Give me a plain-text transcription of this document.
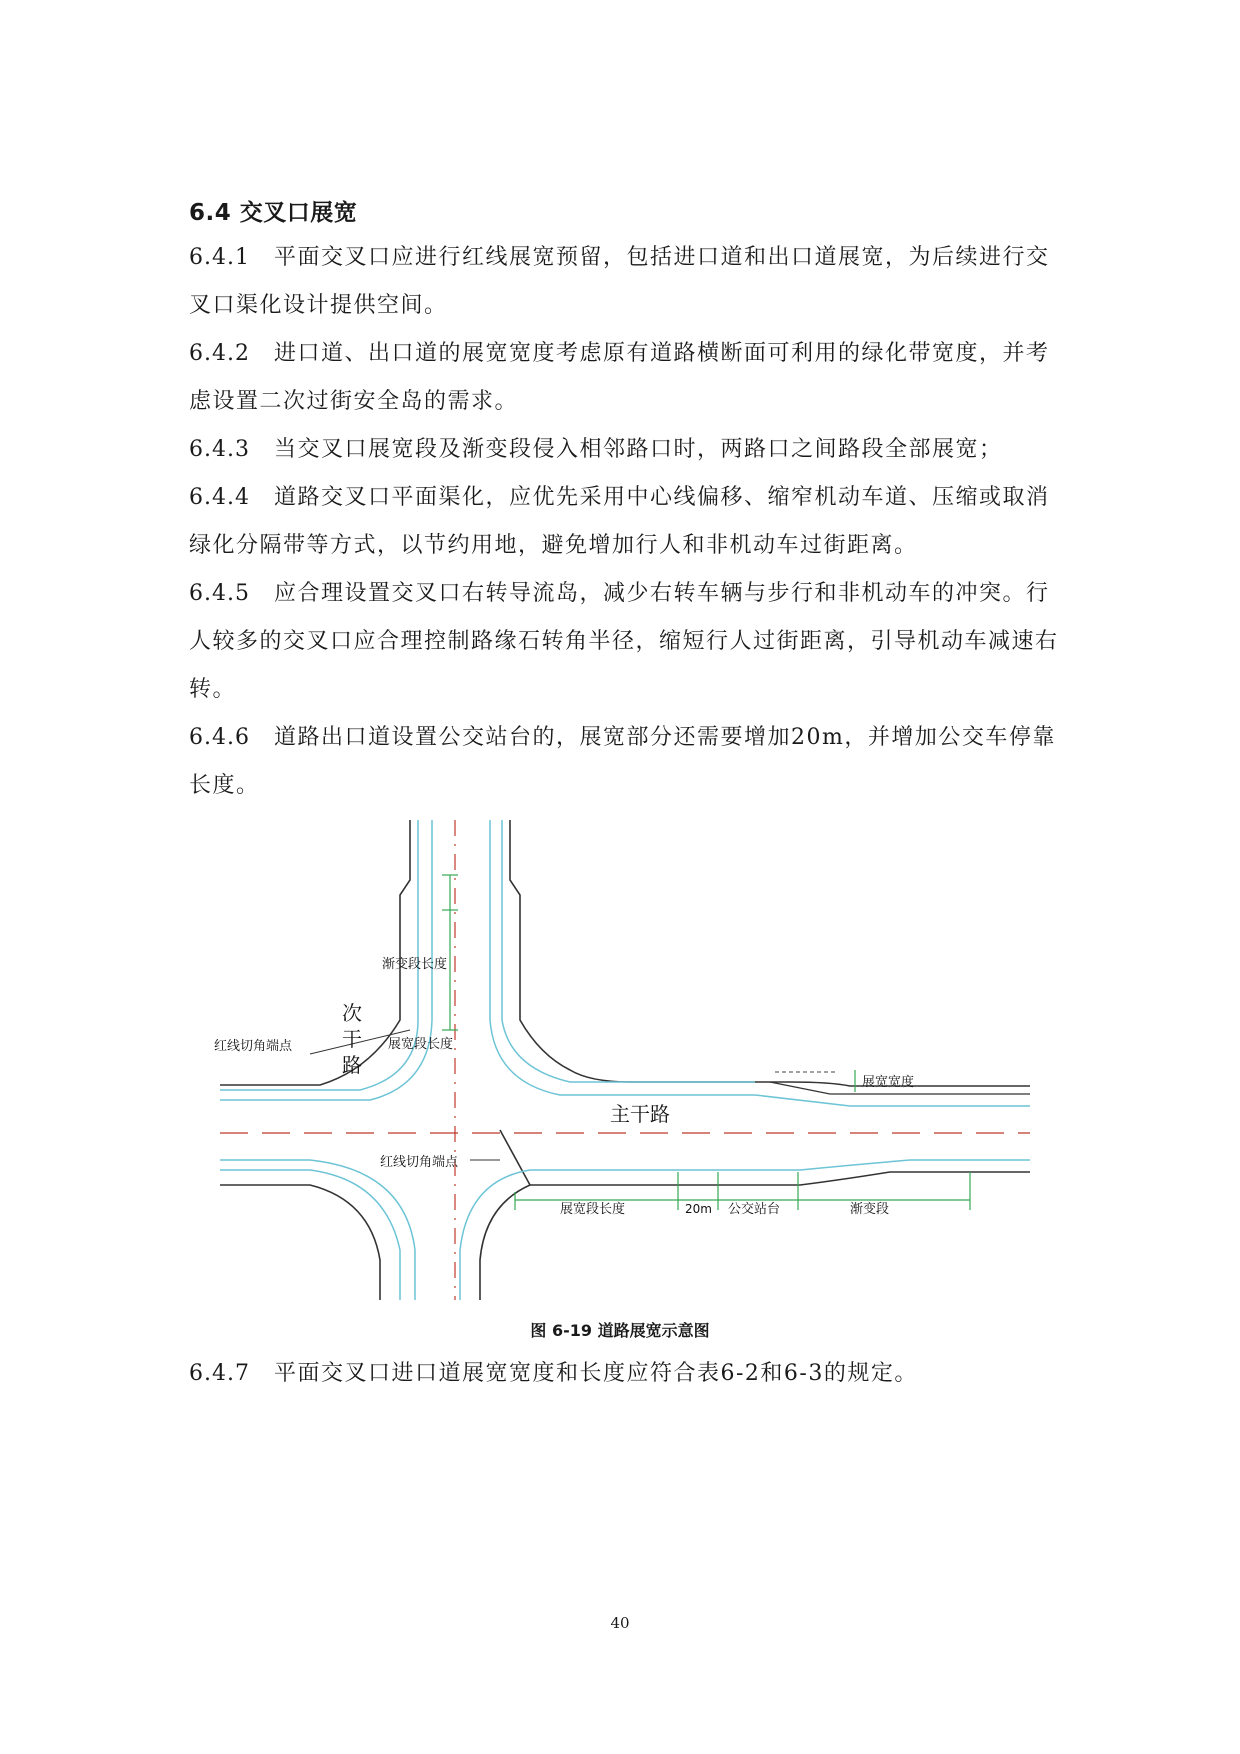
6.4 交叉口展宽
6.4.1 平面交叉口应进行红线展宽预留，包括进口道和出口道展宽，为后续进行交叉口渠化设计提供空间。
6.4.2 进口道、出口道的展宽宽度考虑原有道路横断面可利用的绿化带宽度，并考虑设置二次过街安全岛的需求。
6.4.3 当交叉口展宽段及渐变段侵入相邻路口时，两路口之间路段全部展宽；
6.4.4 道路交叉口平面渠化，应优先采用中心线偏移、缩窄机动车道、压缩或取消绿化分隔带等方式，以节约用地，避免增加行人和非机动车过街距离。
6.4.5 应合理设置交叉口右转导流岛，减少右转车辆与步行和非机动车的冲突。行人较多的交叉口应合理控制路缘石转角半径，缩短行人过街距离，引导机动车减速右转。
6.4.6 道路出口道设置公交站台的，展宽部分还需要增加20m，并增加公交车停靠长度。
渐变段长度
展宽段长度
次
干
路
红线切角端点
展宽宽度
主干路
红线切角端点
展宽段长度	20m 公交站台	渐变段
图 6-19 道路展宽示意图
6.4.7 平面交叉口进口道展宽宽度和长度应符合表6-2和6-3的规定。
40
